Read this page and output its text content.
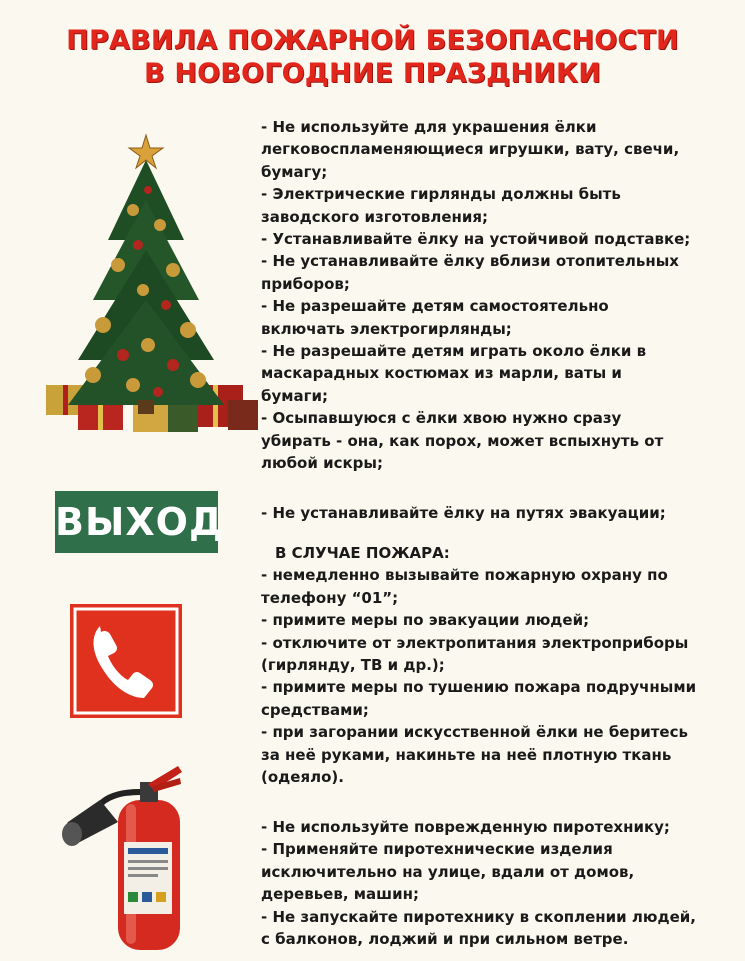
ПРАВИЛА ПОЖАРНОЙ БЕЗОПАСНОСТИ
В НОВОГОДНИЕ ПРАЗДНИКИ
- Не используйте для украшения ёлки
легковоспламеняющиеся игрушки, вату, свечи,
бумагу;
- Электрические гирлянды должны быть
заводского изготовления;
- Устанавливайте ёлку на устойчивой подставке;
- Не устанавливайте ёлку вблизи отопительных
приборов;
- Не разрешайте детям самостоятельно
включать электрогирлянды;
- Не разрешайте детям играть около ёлки в
маскарадных костюмах из марли, ваты и
бумаги;
- Осыпавшуюся с ёлки хвою нужно сразу
убирать - она, как порох, может вспыхнуть от
любой искры;
ВЫХОД - Не устанавливайте ёлку на путях эвакуации;
В СЛУЧАЕ ПОЖАРА:
- немедленно вызывайте пожарную охрану по
телефону “01”;
- примите меры по эвакуации людей;
- отключите от электропитания электроприборы
(гирлянду, ТВ и др.);
- примите меры по тушению пожара подручными
средствами;
- при загорании искусственной ёлки не беритесь
за неё руками, накиньте на неё плотную ткань
(одеяло).
- Не используйте поврежденную пиротехнику;
- Применяйте пиротехнические изделия
исключительно на улице, вдали от домов,
деревьев, машин;
- Не запускайте пиротехнику в скоплении людей,
с балконов, лоджий и при сильном ветре.
